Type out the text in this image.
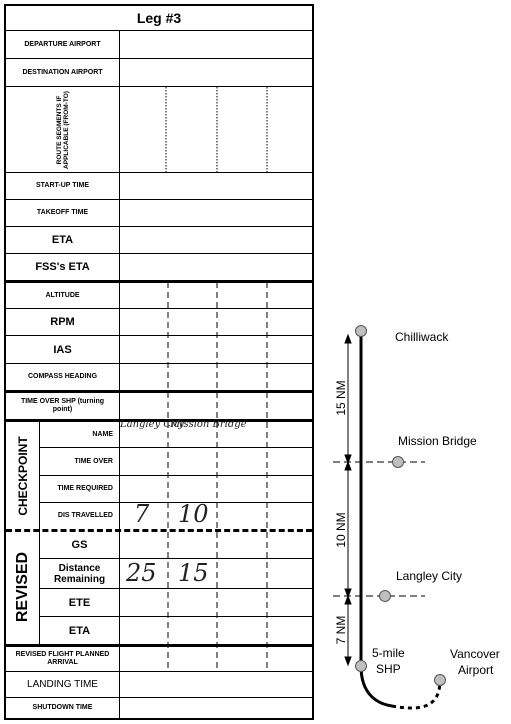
Leg #3
DEPARTURE AIRPORT
DESTINATION AIRPORT
ROUTE SEGMENTS IF APPLICABLE (FROM-TO)
START-UP TIME
TAKEOFF TIME
ETA
FSS's ETA
ALTITUDE
RPM
IAS
COMPASS HEADING
TIME OVER SHP (turning point)
NAME
TIME OVER
TIME REQUIRED
DIS TRAVELLED
CHECKPOINT
GS
Distance Remaining
ETE
ETA
REVISED
REVISED FLIGHT PLANNED ARRIVAL
LANDING TIME
SHUTDOWN TIME
Langley City
Mission Bridge
7 10
25 15
Chilliwack
Mission Bridge
Langley City
5-mile SHP
Vancover Airport
15 NM
10 NM
7 NM
